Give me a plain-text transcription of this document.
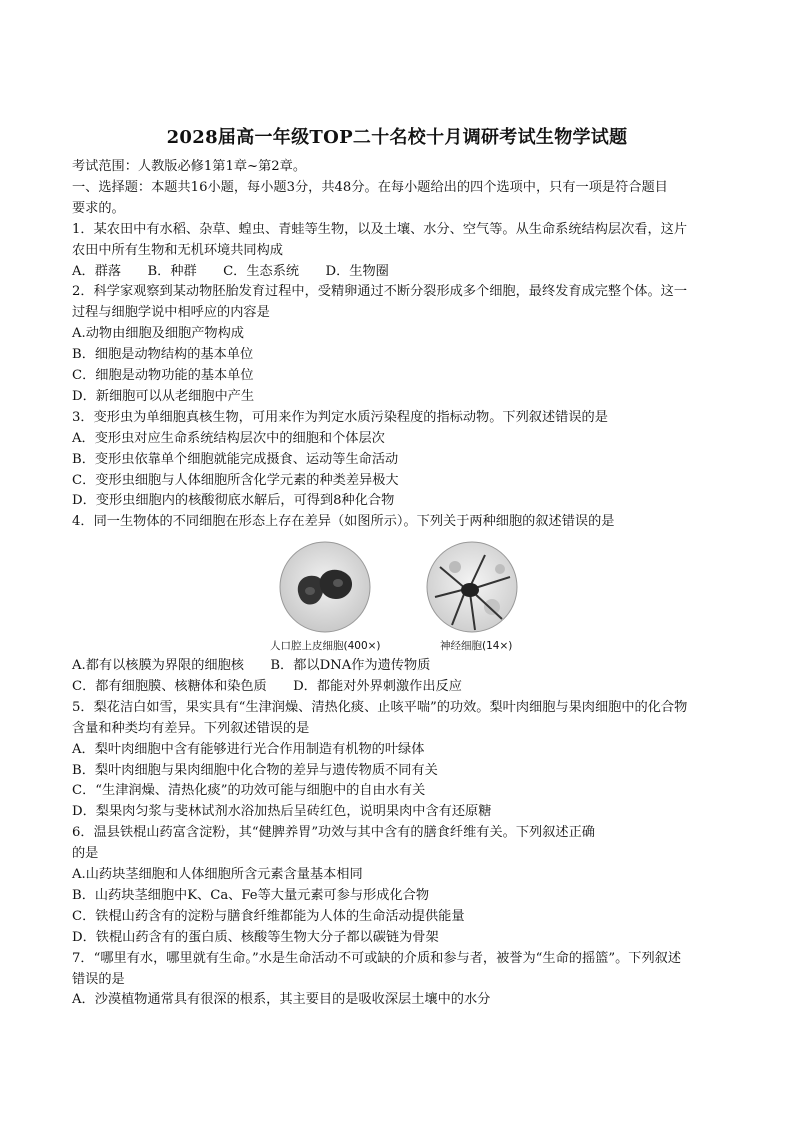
2028届高一年级TOP二十名校十月调研考试生物学试题
考试范围：人教版必修1第1章~第2章。
一、选择题：本题共16小题，每小题3分，共48分。在每小题给出的四个选项中，只有一项是符合题目
要求的。
1．某农田中有水稻、杂草、蝗虫、青蛙等生物，以及土壤、水分、空气等。从生命系统结构层次看，这片
农田中所有生物和无机环境共同构成
A．群落　　B．种群　　C．生态系统　　D．生物圈
2．科学家观察到某动物胚胎发育过程中，受精卵通过不断分裂形成多个细胞，最终发育成完整个体。这一
过程与细胞学说中相呼应的内容是
A.动物由细胞及细胞产物构成
B．细胞是动物结构的基本单位
C．细胞是动物功能的基本单位
D．新细胞可以从老细胞中产生
3．变形虫为单细胞真核生物，可用来作为判定水质污染程度的指标动物。下列叙述错误的是
A．变形虫对应生命系统结构层次中的细胞和个体层次
B．变形虫依靠单个细胞就能完成摄食、运动等生命活动
C．变形虫细胞与人体细胞所含化学元素的种类差异极大
D．变形虫细胞内的核酸彻底水解后，可得到8种化合物
4．同一生物体的不同细胞在形态上存在差异（如图所示）。下列关于两种细胞的叙述错误的是
人口腔上皮细胞(400×)	神经细胞(14×)
A.都有以核膜为界限的细胞核　　B．都以DNA作为遗传物质
C．都有细胞膜、核糖体和染色质　　D．都能对外界刺激作出反应
5．梨花洁白如雪，果实具有“生津润燥、清热化痰、止咳平喘”的功效。梨叶肉细胞与果肉细胞中的化合物
含量和种类均有差异。下列叙述错误的是
A．梨叶肉细胞中含有能够进行光合作用制造有机物的叶绿体
B．梨叶肉细胞与果肉细胞中化合物的差异与遗传物质不同有关
C．“生津润燥、清热化痰”的功效可能与细胞中的自由水有关
D．梨果肉匀浆与斐林试剂水浴加热后呈砖红色，说明果肉中含有还原糖
6．温县铁棍山药富含淀粉，其“健脾养胃”功效与其中含有的膳食纤维有关。下列叙述正确
的是
A.山药块茎细胞和人体细胞所含元素含量基本相同
B．山药块茎细胞中K、Ca、Fe等大量元素可参与形成化合物
C．铁棍山药含有的淀粉与膳食纤维都能为人体的生命活动提供能量
D．铁棍山药含有的蛋白质、核酸等生物大分子都以碳链为骨架
7．“哪里有水，哪里就有生命。”水是生命活动不可或缺的介质和参与者，被誉为“生命的摇篮”。下列叙述
错误的是
A．沙漠植物通常具有很深的根系，其主要目的是吸收深层土壤中的水分
